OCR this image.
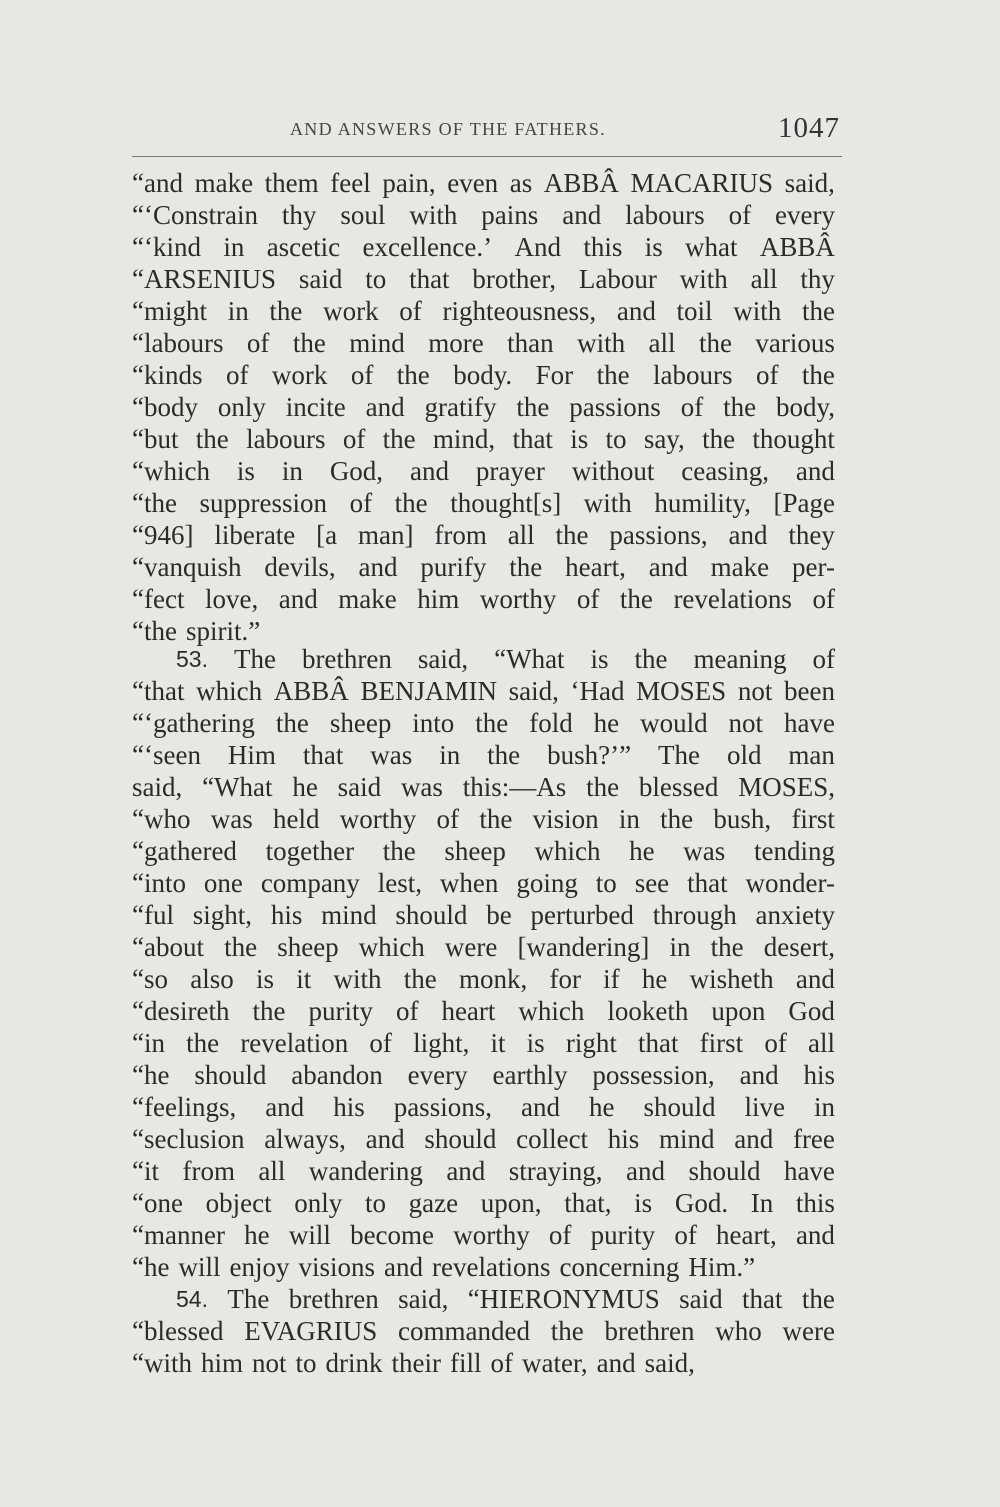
AND ANSWERS OF THE FATHERS.	1047
“and make them feel pain, even as ABBÂ MACARIUS said,
“‘Constrain thy soul with pains and labours of every
“‘kind in ascetic excellence.’ And this is what ABBÂ
“ARSENIUS said to that brother, Labour with all thy
“might in the work of righteousness, and toil with the
“labours of the mind more than with all the various
“kinds of work of the body. For the labours of the
“body only incite and gratify the passions of the body,
“but the labours of the mind, that is to say, the thought
“which is in God, and prayer without ceasing, and
“the suppression of the thought[s] with humility, [Page
“946] liberate [a man] from all the passions, and they
“vanquish devils, and purify the heart, and make per-
“fect love, and make him worthy of the revelations of
“the spirit.”
53. The brethren said, “What is the meaning of
“that which ABBÂ BENJAMIN said, ‘Had MOSES not been
“‘gathering the sheep into the fold he would not have
“‘seen Him that was in the bush?’” The old man
said, “What he said was this:—As the blessed MOSES,
“who was held worthy of the vision in the bush, first
“gathered together the sheep which he was tending
“into one company lest, when going to see that wonder-
“ful sight, his mind should be perturbed through anxiety
“about the sheep which were [wandering] in the desert,
“so also is it with the monk, for if he wisheth and
“desireth the purity of heart which looketh upon God
“in the revelation of light, it is right that first of all
“he should abandon every earthly possession, and his
“feelings, and his passions, and he should live in
“seclusion always, and should collect his mind and free
“it from all wandering and straying, and should have
“one object only to gaze upon, that, is God. In this
“manner he will become worthy of purity of heart, and
“he will enjoy visions and revelations concerning Him.”
54. The brethren said, “HIERONYMUS said that the
“blessed EVAGRIUS commanded the brethren who were
“with him not to drink their fill of water, and said,
